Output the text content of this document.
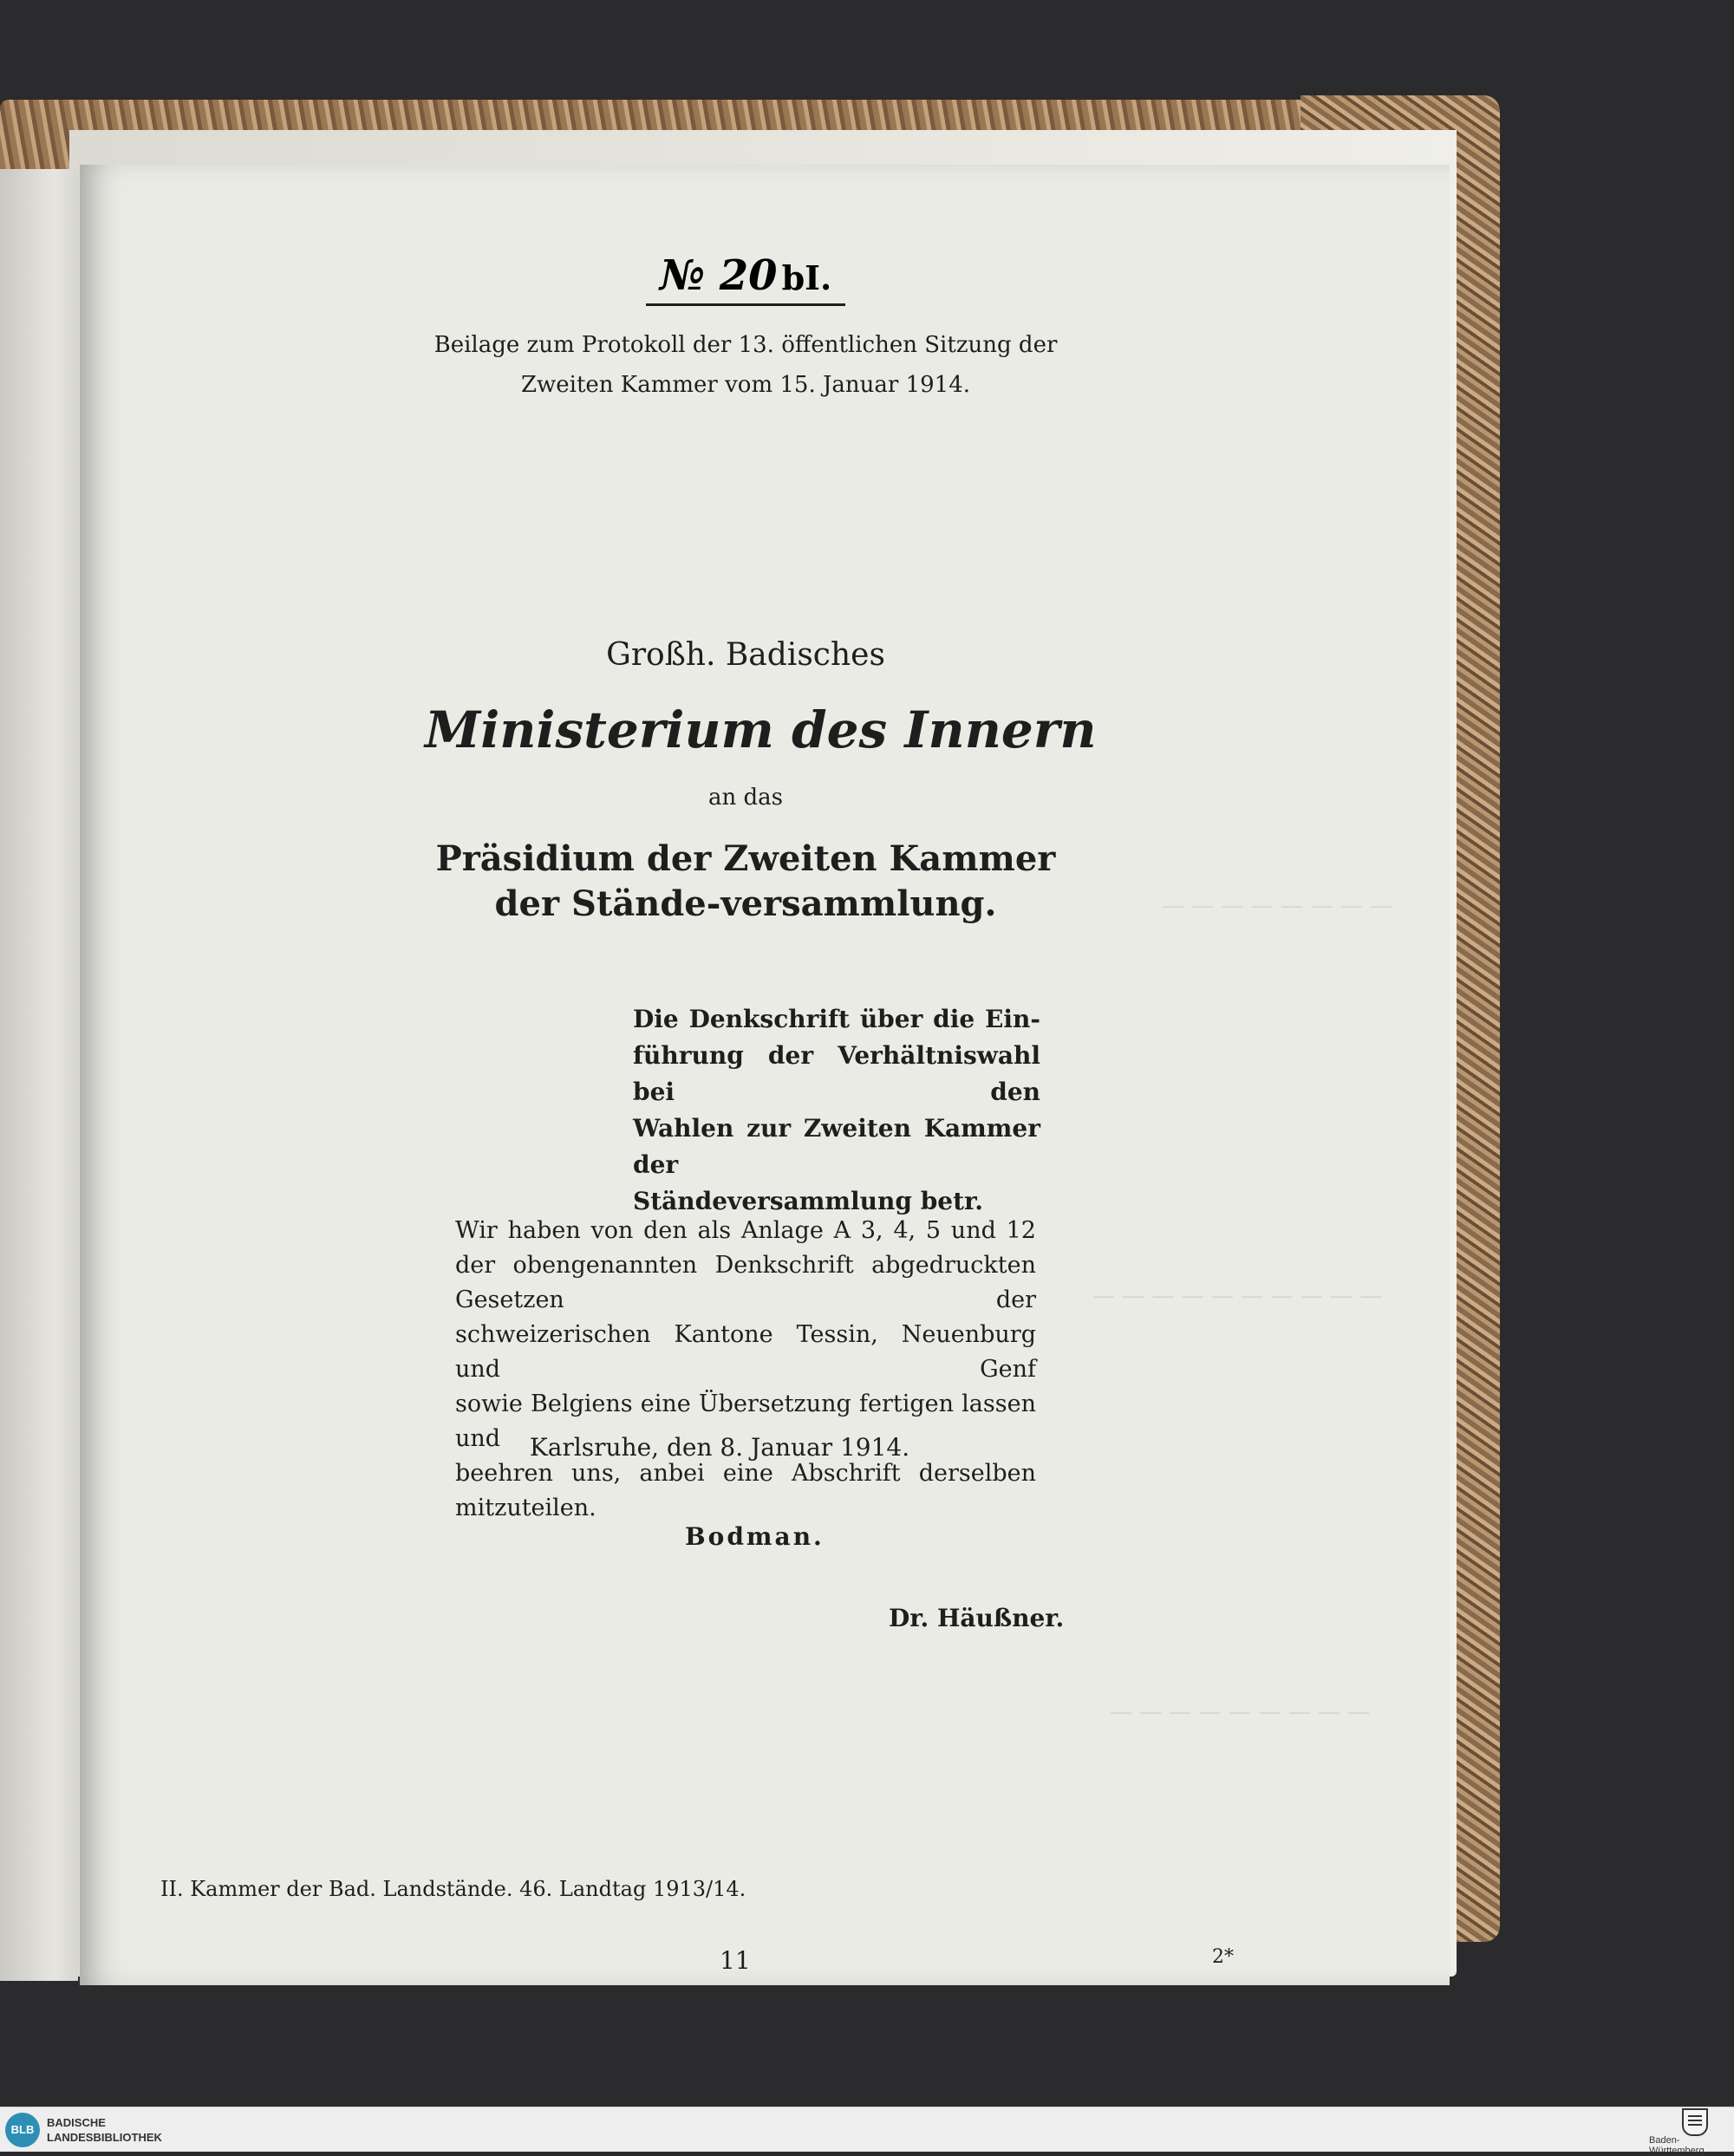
— — — — — — — —
— — — — — — — — — —
— — — — — — — — —
№ 20 bI.
Beilage zum Protokoll der 13. öffentlichen Sitzung der
Zweiten Kammer vom 15. Januar 1914.
Großh. Badisches
Ministerium des Innern
an das
Präsidium der Zweiten Kammer der Stände-versammlung.
Die Denkschrift über die Ein-
führung der Verhältniswahl bei den
Wahlen zur Zweiten Kammer der
Ständeversammlung betr.
Wir haben von den als Anlage A 3, 4, 5 und 12
der obengenannten Denkschrift abgedruckten Gesetzen der
schweizerischen Kantone Tessin, Neuenburg und Genf
sowie Belgiens eine Übersetzung fertigen lassen und
beehren uns, anbei eine Abschrift derselben mitzuteilen.
Karlsruhe, den 8. Januar 1914.
Bodman.
Dr. Häußner.
II. Kammer der Bad. Landstände. 46. Landtag 1913/14.
11	2*
BLB
BADISCHE
LANDESBIBLIOTHEK	Baden-Württemberg
